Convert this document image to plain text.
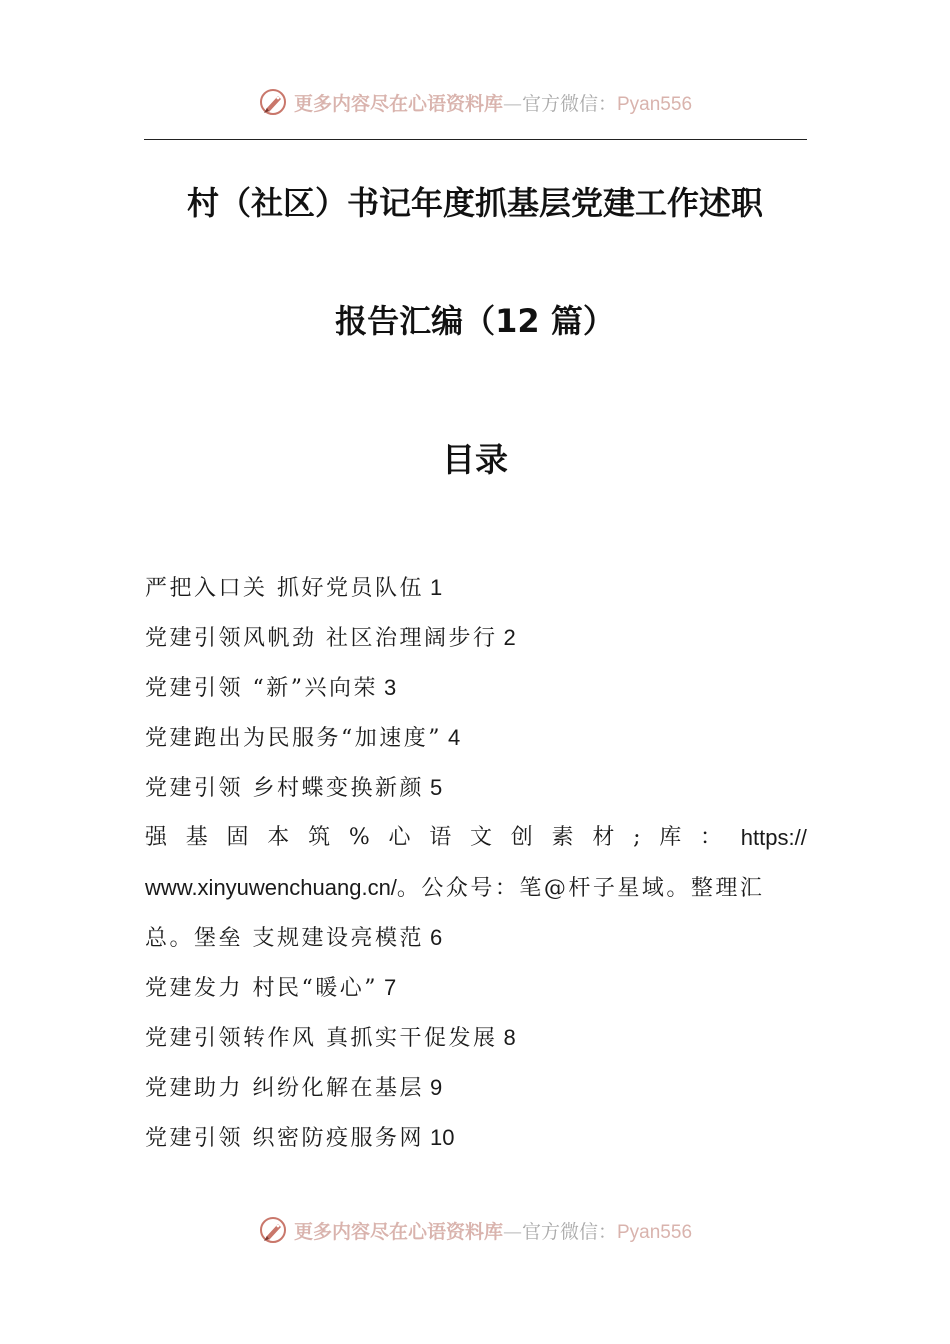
更多内容尽在心语资料库—官方微信：Pyan556
村（社区）书记年度抓基层党建工作述职
报告汇编（12 篇）
目录
严把入口关 抓好党员队伍 1
党建引领风帆劲 社区治理阔步行 2
党建引领 “新”兴向荣 3
党建跑出为民服务“加速度” 4
党建引领 乡村蝶变换新颜 5
强 基 固 本 筑 % 心 语 文 创 素 材 ; 库 ： https://
www.xinyuwenchuang.cn/。公众号：笔@杆子星域。整理汇
总。堡垒 支规建设亮模范 6
党建发力 村民“暖心” 7
党建引领转作风 真抓实干促发展 8
党建助力 纠纷化解在基层 9
党建引领 织密防疫服务网 10
更多内容尽在心语资料库—官方微信：Pyan556
